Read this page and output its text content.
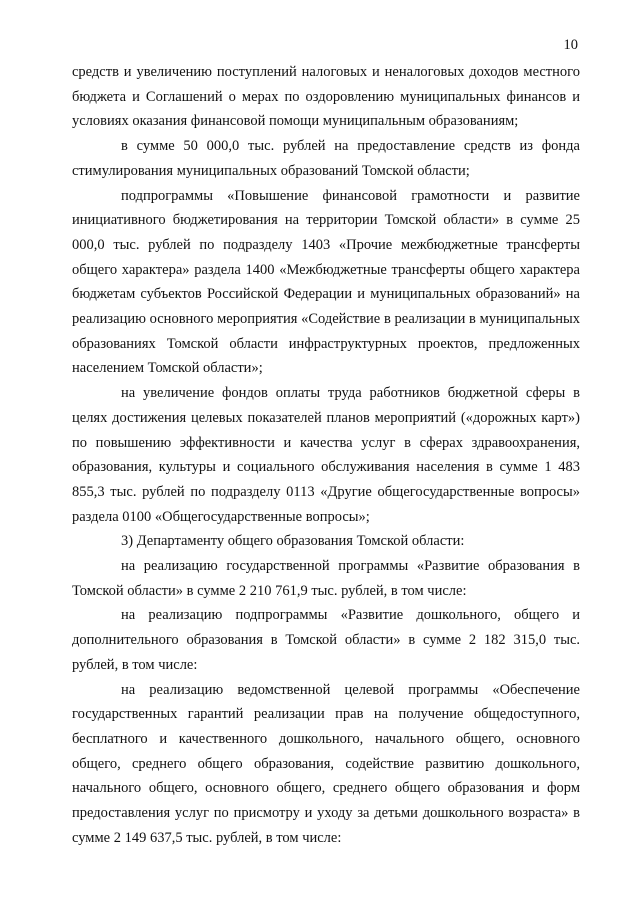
10

средств и увеличению поступлений налоговых и неналоговых доходов местного бюджета и Соглашений о мерах по оздоровлению муниципальных финансов и условиях оказания финансовой помощи муниципальным образованиям;

в сумме 50 000,0 тыс. рублей на предоставление средств из фонда стимулирования муниципальных образований Томской области;

подпрограммы «Повышение финансовой грамотности и развитие инициативного бюджетирования на территории Томской области» в сумме 25 000,0 тыс. рублей по подразделу 1403 «Прочие межбюджетные трансферты общего характера» раздела 1400 «Межбюджетные трансферты общего характера бюджетам субъектов Российской Федерации и муниципальных образований» на реализацию основного мероприятия «Содействие в реализации в муниципальных образованиях Томской области инфраструктурных проектов, предложенных населением Томской области»;

на увеличение фондов оплаты труда работников бюджетной сферы в целях достижения целевых показателей планов мероприятий («дорожных карт») по повышению эффективности и качества услуг в сферах здравоохранения, образования, культуры и социального обслуживания населения в сумме 1 483 855,3 тыс. рублей по подразделу 0113 «Другие общегосударственные вопросы» раздела 0100 «Общегосударственные вопросы»;

3) Департаменту общего образования Томской области:

на реализацию государственной программы «Развитие образования в Томской области» в сумме 2 210 761,9 тыс. рублей, в том числе:

на реализацию подпрограммы «Развитие дошкольного, общего и дополнительного образования в Томской области» в сумме 2 182 315,0 тыс. рублей, в том числе:

на реализацию ведомственной целевой программы «Обеспечение государственных гарантий реализации прав на получение общедоступного, бесплатного и качественного дошкольного, начального общего, основного общего, среднего общего образования, содействие развитию дошкольного, начального общего, основного общего, среднего общего образования и форм предоставления услуг по присмотру и уходу за детьми дошкольного возраста» в сумме 2 149 637,5 тыс. рублей, в том числе:
